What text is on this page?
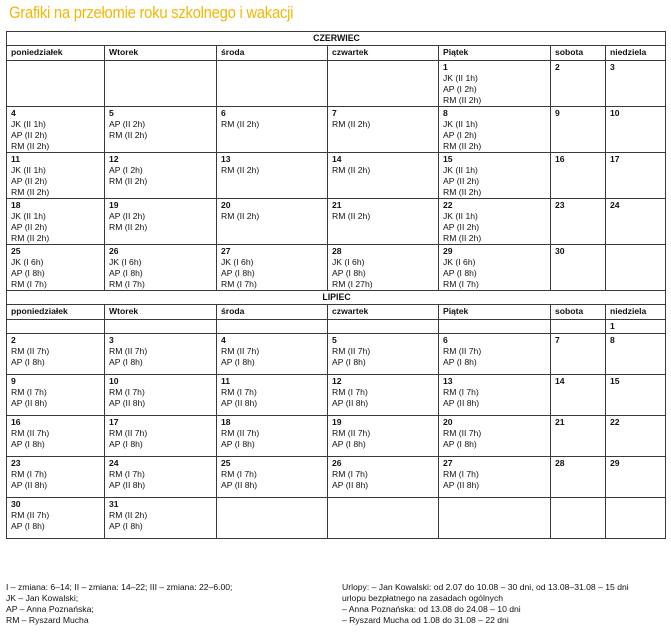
Grafiki na przełomie roku szkolnego i wakacji
CZERWIEC						
poniedziałek	Wtorek	środa	czwartek	Piątek	sobota	niedziela

				1
JK (II 1h)
AP (I 2h)
RM (II 2h)	2	3

4
JK (II 1h)
AP (II 2h)
RM (II 2h)	5
AP (II 2h)
RM (II 2h)	6
RM (II 2h)	7
RM (II 2h)	8
JK (II 1h)
AP (I 2h)
RM (II 2h)	9	10

11
JK (II 1h)
AP (II 2h)
RM (II 2h)	12
AP (I 2h)
RM (II 2h)	13
RM (II 2h)	14
RM (II 2h)	15
JK (II 1h)
AP (II 2h)
RM (II 2h)	16	17

18
JK (II 1h)
AP (II 2h)
RM (II 2h)	19
AP (II 2h)
RM (II 2h)	20
RM (II 2h)	21
RM (II 2h)	22
JK (II 1h)
AP (II 2h)
RM (II 2h)	23	24

25
JK (I 6h)
AP (I 8h)
RM (I 7h)	26
JK (I 6h)
AP (I 8h)
RM (I 7h)	27
JK (I 6h)
AP (I 8h)
RM (I 7h)	28
JK (I 6h)
AP (I 8h)
RM (I 27h)	29
JK (I 6h)
AP (I 8h)
RM (I 7h)	30	

LIPIEC						
pponiedziałek	Wtorek	środa	czwartek	Piątek	sobota	niedziela

						1

2
RM (II 7h)
AP (I 8h)	3
RM (II 7h)
AP (I 8h)	4
RM (II 7h)
AP (I 8h)	5
RM (II 7h)
AP (I 8h)	6
RM (II 7h)
AP (I 8h)	7	8

9
RM (I 7h)
AP (II 8h)	10
RM (I 7h)
AP (II 8h)	11
RM (I 7h)
AP (II 8h)	12
RM (I 7h)
AP (II 8h)	13
RM (I 7h)
AP (II 8h)	14	15

16
RM (II 7h)
AP (I 8h)	17
RM (II 7h)
AP (I 8h)	18
RM (II 7h)
AP (I 8h)	19
RM (II 7h)
AP (I 8h)	20
RM (II 7h)
AP (I 8h)	21	22

23
RM (I 7h)
AP (II 8h)	24
RM (I 7h)
AP (II 8h)	25
RM (I 7h)
AP (II 8h)	26
RM (I 7h)
AP (II 8h)	27
RM (I 7h)
AP (II 8h)	28	29

30
RM (II 7h)
AP (I 8h)	31
RM (II 2h)
AP (I 8h)					

I – zmiana: 6–14; II – zmiana: 14–22; III – zmiana: 22–6.00;
JK – Jan Kowalski;
AP – Anna Poznańska;
RM – Ryszard Mucha
Urlopy: – Jan Kowalski: od 2.07 do 10.08 – 30 dni, od 13.08–31.08 – 15 dni
urlopu bezpłatnego na zasadach ogólnych
– Anna Poznańska: od 13.08 do 24.08 – 10 dni
– Ryszard Mucha od 1.08 do 31.08 – 22 dni
